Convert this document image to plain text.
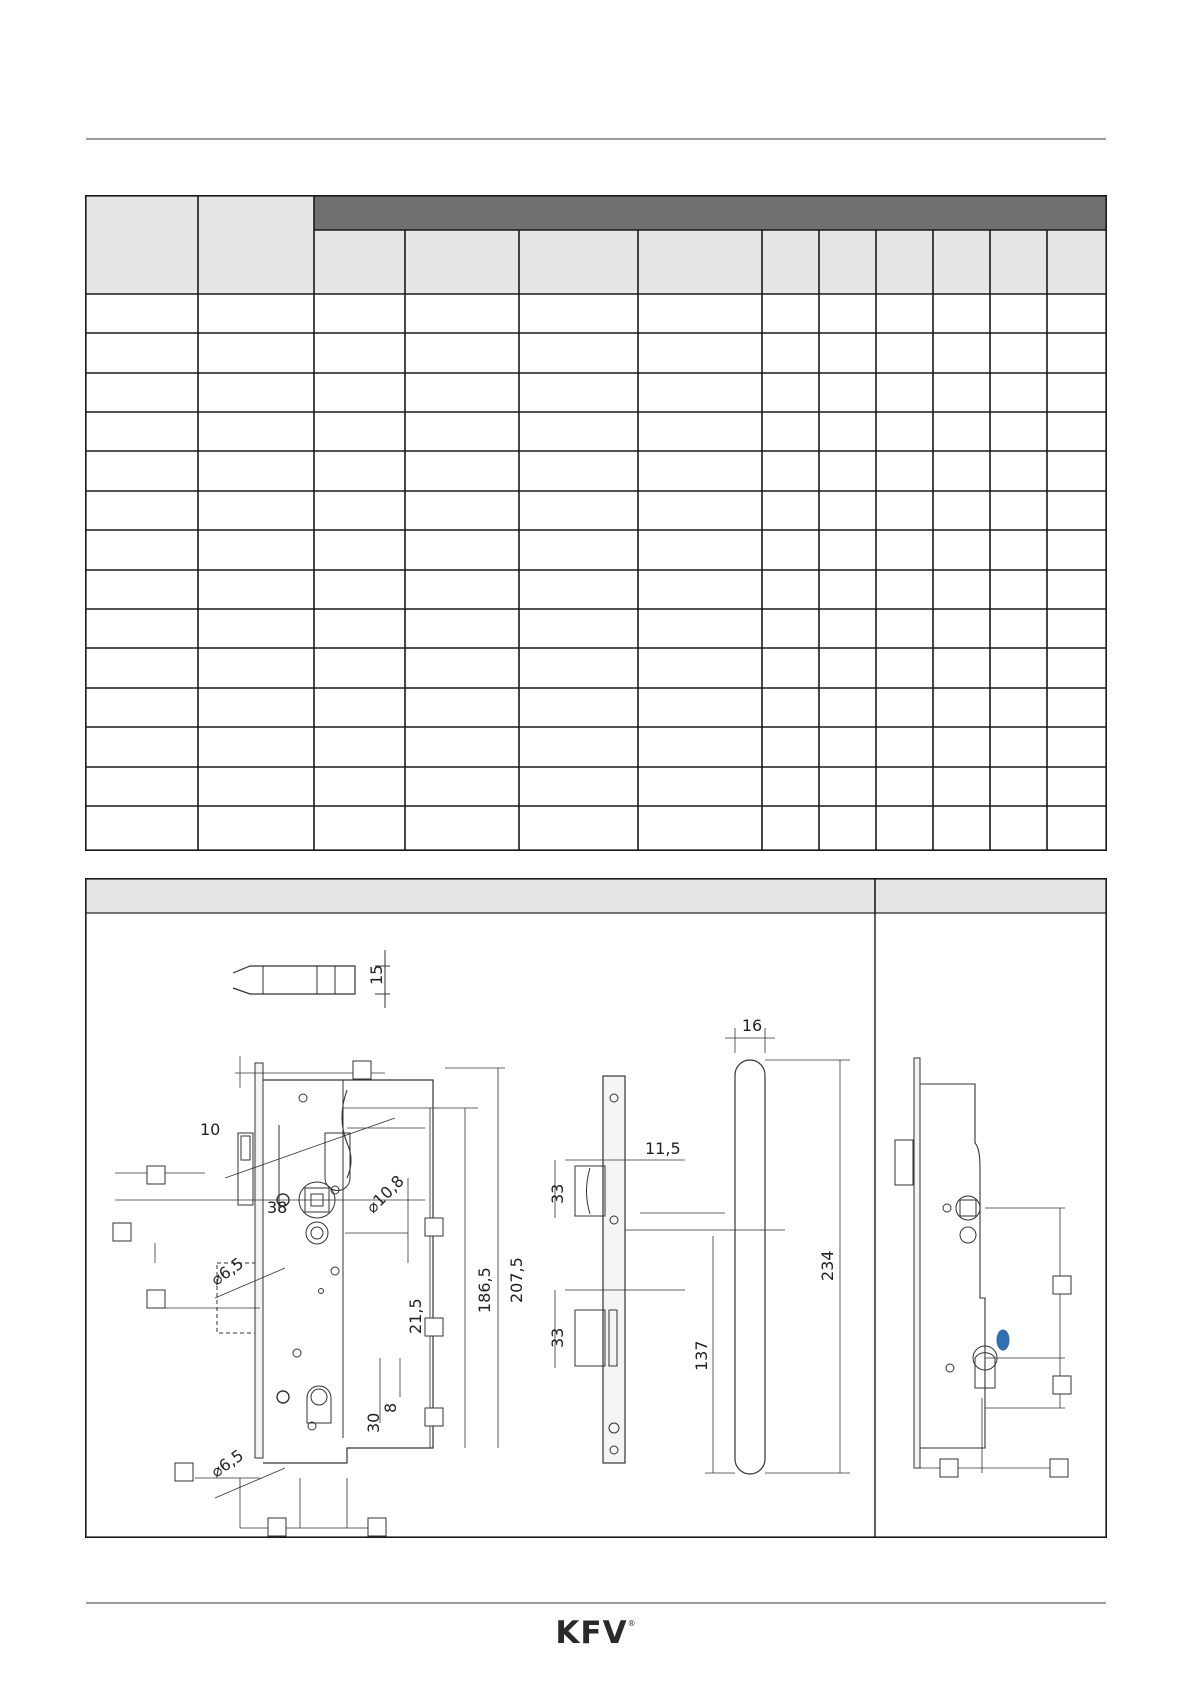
15
10
38
⌀6,5
⌀6,5
⌀10,8
21,5
8
30
186,5 207,5
11,5
33
33
16
234
137
KFV®
